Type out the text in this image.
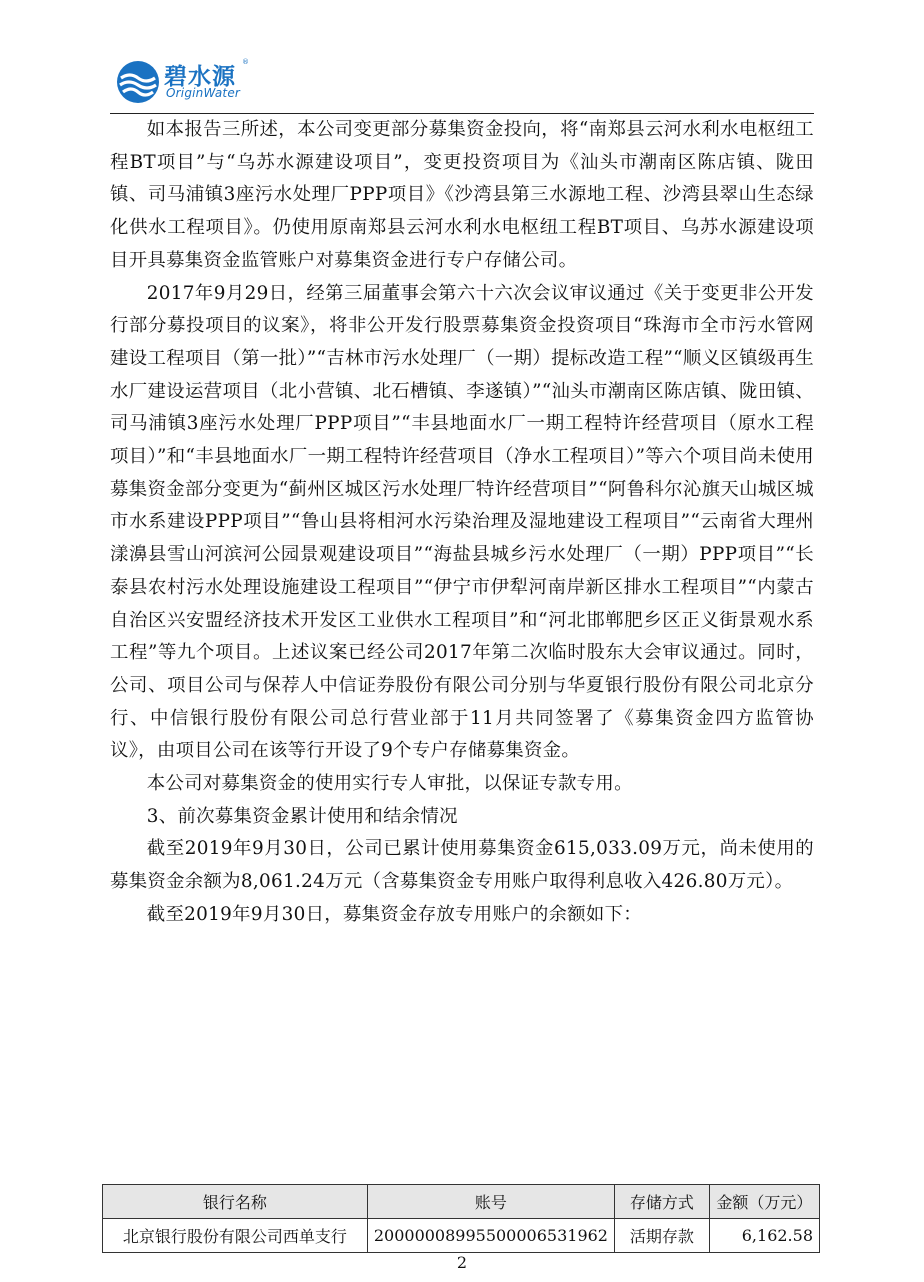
碧水源
®
OriginWater

如本报告三所述，本公司变更部分募集资金投向，将“南郑县云河水利水电枢纽工程BT项目”与“乌苏水源建设项目”，变更投资项目为《汕头市潮南区陈店镇、陇田镇、司马浦镇3座污水处理厂PPP项目》《沙湾县第三水源地工程、沙湾县翠山生态绿化供水工程项目》。仍使用原南郑县云河水利水电枢纽工程BT项目、乌苏水源建设项目开具募集资金监管账户对募集资金进行专户存储公司。

2017年9月29日，经第三届董事会第六十六次会议审议通过《关于变更非公开发行部分募投项目的议案》，将非公开发行股票募集资金投资项目“珠海市全市污水管网建设工程项目（第一批）”“吉林市污水处理厂（一期）提标改造工程”“顺义区镇级再生水厂建设运营项目（北小营镇、北石槽镇、李遂镇）”“汕头市潮南区陈店镇、陇田镇、司马浦镇3座污水处理厂PPP项目”“丰县地面水厂一期工程特许经营项目（原水工程项目）”和“丰县地面水厂一期工程特许经营项目（净水工程项目）”等六个项目尚未使用募集资金部分变更为“蓟州区城区污水处理厂特许经营项目”“阿鲁科尔沁旗天山城区城市水系建设PPP项目”“鲁山县将相河水污染治理及湿地建设工程项目”“云南省大理州漾濞县雪山河滨河公园景观建设项目”“海盐县城乡污水处理厂（一期）PPP项目”“长泰县农村污水处理设施建设工程项目”“伊宁市伊犁河南岸新区排水工程项目”“内蒙古自治区兴安盟经济技术开发区工业供水工程项目”和“河北邯郸肥乡区正义街景观水系工程”等九个项目。上述议案已经公司2017年第二次临时股东大会审议通过。同时，公司、项目公司与保荐人中信证券股份有限公司分别与华夏银行股份有限公司北京分行、中信银行股份有限公司总行营业部于11月共同签署了《募集资金四方监管协议》，由项目公司在该等行开设了9个专户存储募集资金。

本公司对募集资金的使用实行专人审批，以保证专款专用。

3、前次募集资金累计使用和结余情况

截至2019年9月30日，公司已累计使用募集资金615,033.09万元，尚未使用的募集资金余额为8,061.24万元（含募集资金专用账户取得利息收入426.80万元）。

截至2019年9月30日，募集资金存放专用账户的余额如下：

银行名称	账号	存储方式	金额（万元）
北京银行股份有限公司西单支行	20000008995500006531962	活期存款	6,162.58
2
